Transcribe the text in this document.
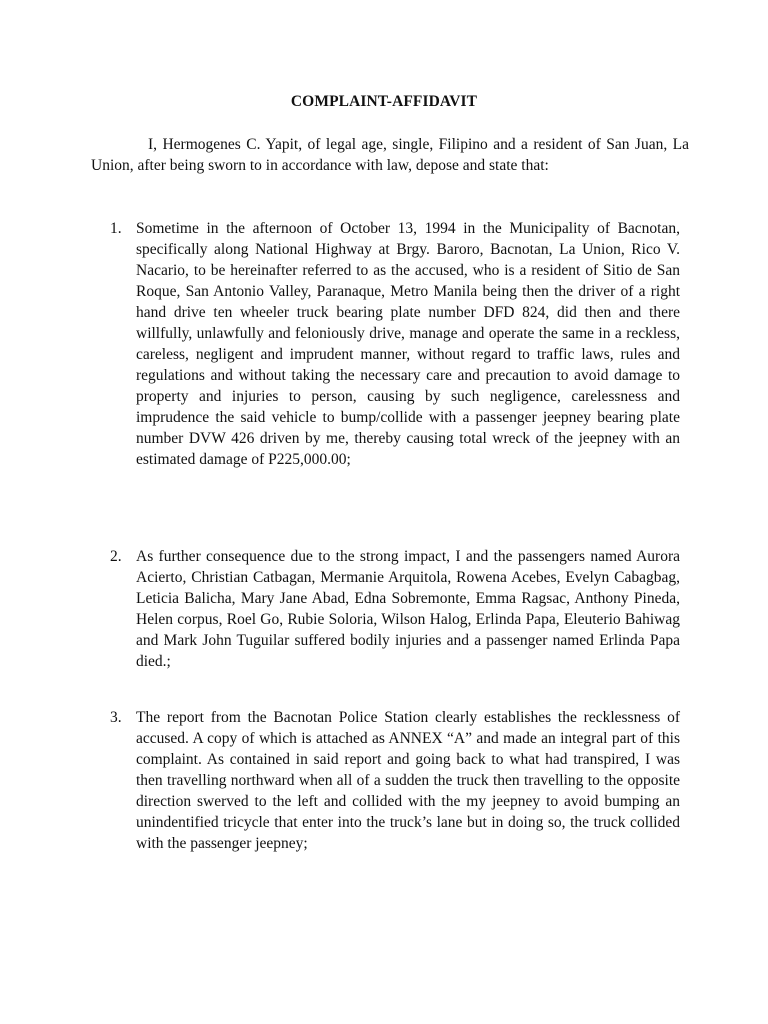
COMPLAINT-AFFIDAVIT
I, Hermogenes C. Yapit, of legal age, single, Filipino and a resident of San Juan, La Union, after being sworn to in accordance with law, depose and state that:
1. Sometime in the afternoon of October 13, 1994 in the Municipality of Bacnotan, specifically along National Highway at Brgy. Baroro, Bacnotan, La Union, Rico V. Nacario, to be hereinafter referred to as the accused, who is a resident of Sitio de San Roque, San Antonio Valley, Paranaque, Metro Manila being then the driver of a right hand drive ten wheeler truck bearing plate number DFD 824, did then and there willfully, unlawfully and feloniously drive, manage and operate the same in a reckless, careless, negligent and imprudent manner, without regard to traffic laws, rules and regulations and without taking the necessary care and precaution to avoid damage to property and injuries to person, causing by such negligence, carelessness and imprudence the said vehicle to bump/collide with a passenger jeepney bearing plate number DVW 426 driven by me, thereby causing total wreck of the jeepney with an estimated damage of P225,000.00;
2. As further consequence due to the strong impact, I and the passengers named Aurora Acierto, Christian Catbagan, Mermanie Arquitola, Rowena Acebes, Evelyn Cabagbag, Leticia Balicha, Mary Jane Abad, Edna Sobremonte, Emma Ragsac, Anthony Pineda, Helen corpus, Roel Go, Rubie Soloria, Wilson Halog, Erlinda Papa, Eleuterio Bahiwag and Mark John Tuguilar suffered bodily injuries and a passenger named Erlinda Papa died.;
3. The report from the Bacnotan Police Station clearly establishes the recklessness of accused. A copy of which is attached as ANNEX “A” and made an integral part of this complaint. As contained in said report and going back to what had transpired, I was then travelling northward when all of a sudden the truck then travelling to the opposite direction swerved to the left and collided with the my jeepney to avoid bumping an unindentified tricycle that enter into the truck’s lane but in doing so, the truck collided with the passenger jeepney;
